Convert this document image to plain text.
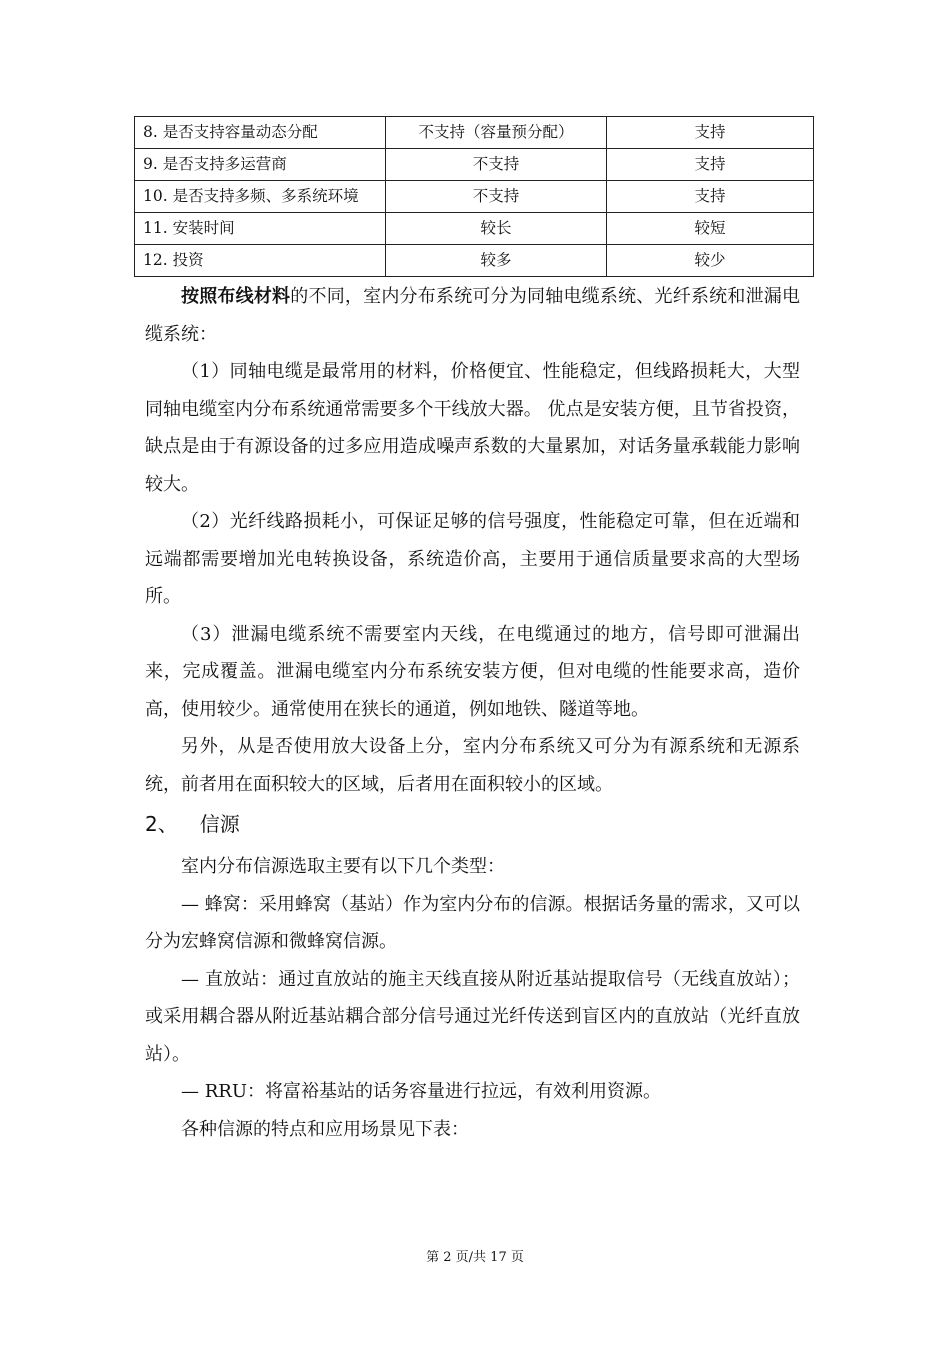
8. 是否支持容量动态分配	不支持（容量预分配）	支持
9. 是否支持多运营商	不支持	支持
10. 是否支持多频、多系统环境	不支持	支持
11. 安装时间	较长	较短
12. 投资	较多	较少

按照布线材料的不同，室内分布系统可分为同轴电缆系统、光纤系统和泄漏电缆系统：

（1）同轴电缆是最常用的材料，价格便宜、性能稳定，但线路损耗大，大型同轴电缆室内分布系统通常需要多个干线放大器。 优点是安装方便，且节省投资，缺点是由于有源设备的过多应用造成噪声系数的大量累加，对话务量承载能力影响较大。

（2）光纤线路损耗小，可保证足够的信号强度，性能稳定可靠，但在近端和远端都需要增加光电转换设备，系统造价高，主要用于通信质量要求高的大型场所。

（3）泄漏电缆系统不需要室内天线，在电缆通过的地方，信号即可泄漏出来，完成覆盖。泄漏电缆室内分布系统安装方便，但对电缆的性能要求高，造价高，使用较少。通常使用在狭长的通道，例如地铁、隧道等地。

另外，从是否使用放大设备上分，室内分布系统又可分为有源系统和无源系统，前者用在面积较大的区域，后者用在面积较小的区域。

2、 信源

室内分布信源选取主要有以下几个类型：

— 蜂窝：采用蜂窝（基站）作为室内分布的信源。根据话务量的需求，又可以分为宏蜂窝信源和微蜂窝信源。

— 直放站：通过直放站的施主天线直接从附近基站提取信号（无线直放站）；或采用耦合器从附近基站耦合部分信号通过光纤传送到盲区内的直放站（光纤直放站）。

— RRU：将富裕基站的话务容量进行拉远，有效利用资源。

各种信源的特点和应用场景见下表：

第 2 页/共 17 页
